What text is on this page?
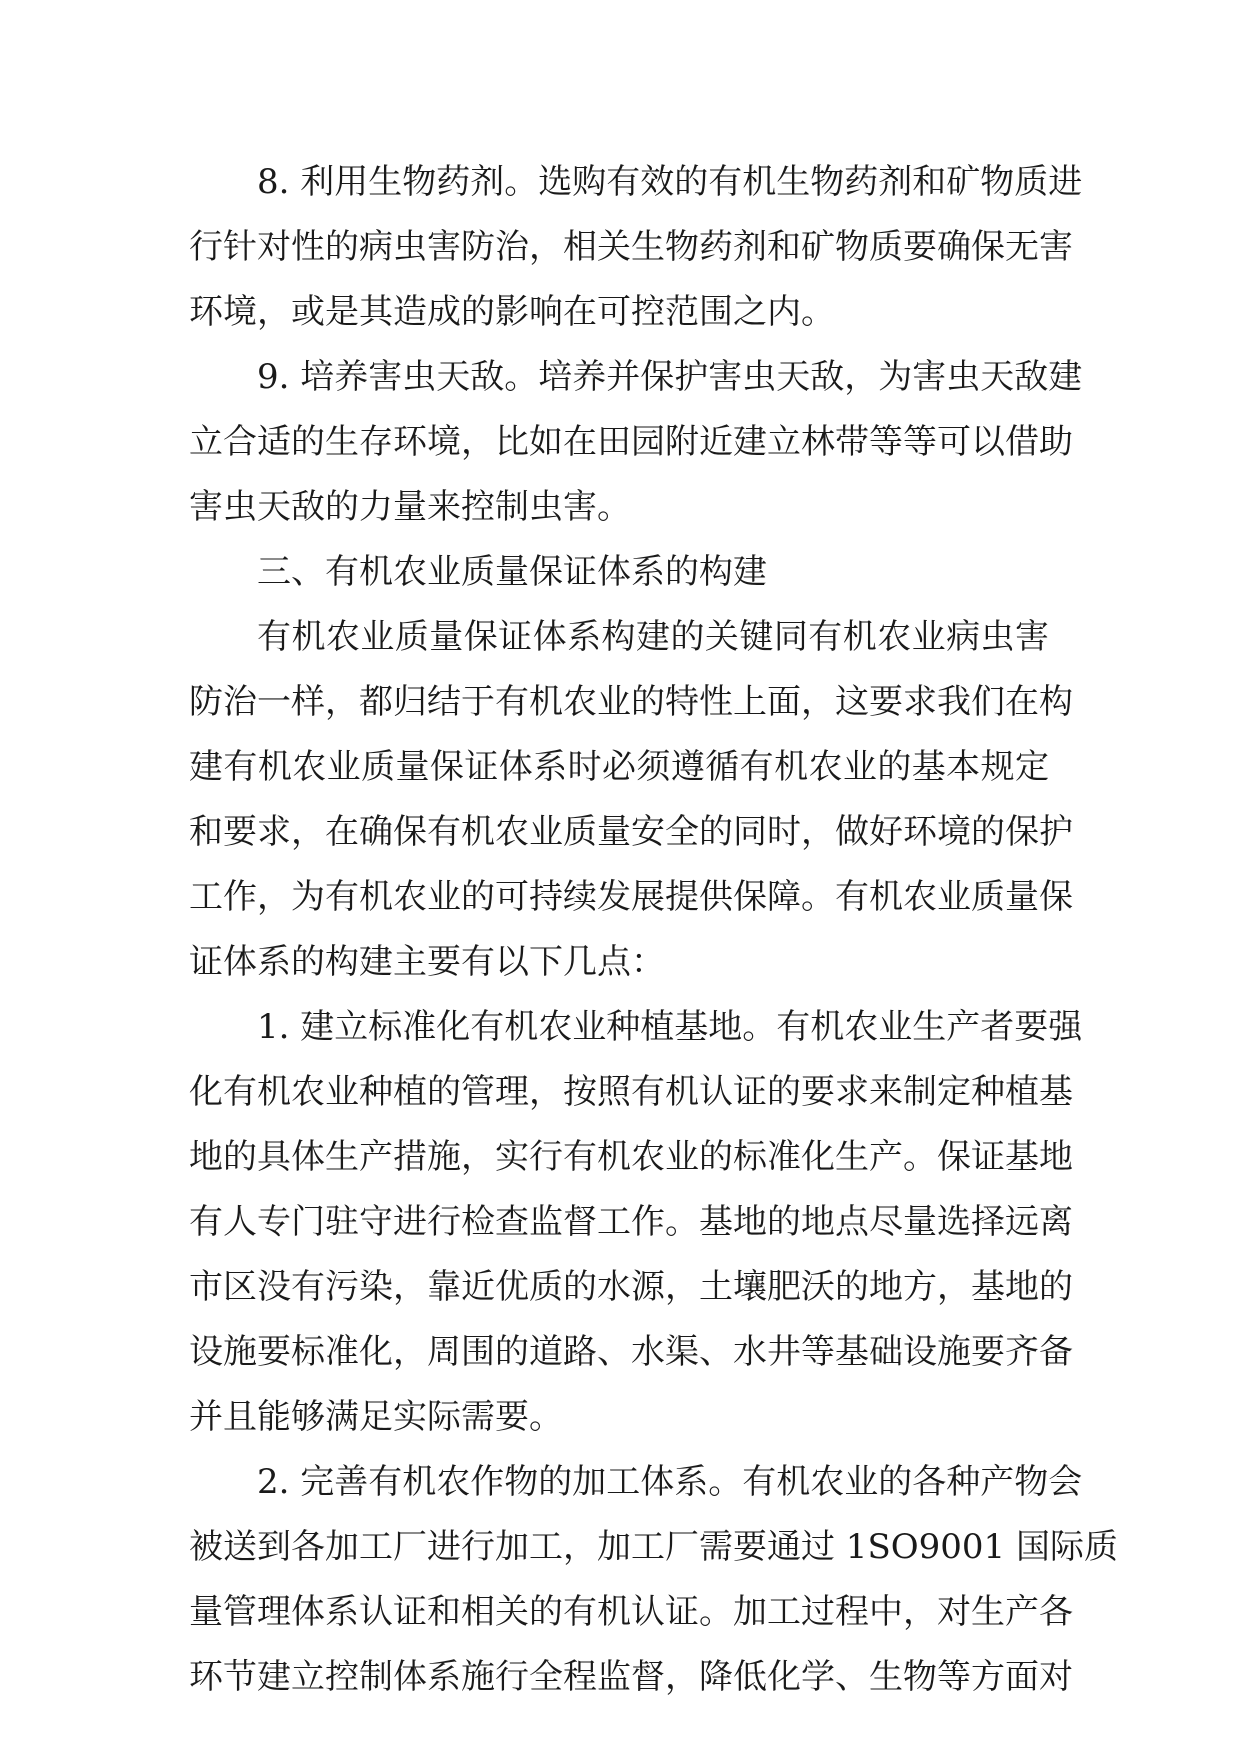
8. 利用生物药剂。选购有效的有机生物药剂和矿物质进
行针对性的病虫害防治，相关生物药剂和矿物质要确保无害
环境，或是其造成的影响在可控范围之内。
9. 培养害虫天敌。培养并保护害虫天敌，为害虫天敌建
立合适的生存环境，比如在田园附近建立林带等等可以借助
害虫天敌的力量来控制虫害。
三、有机农业质量保证体系的构建
有机农业质量保证体系构建的关键同有机农业病虫害
防治一样，都归结于有机农业的特性上面，这要求我们在构
建有机农业质量保证体系时必须遵循有机农业的基本规定
和要求，在确保有机农业质量安全的同时，做好环境的保护
工作，为有机农业的可持续发展提供保障。有机农业质量保
证体系的构建主要有以下几点：
1. 建立标准化有机农业种植基地。有机农业生产者要强
化有机农业种植的管理，按照有机认证的要求来制定种植基
地的具体生产措施，实行有机农业的标准化生产。保证基地
有人专门驻守进行检查监督工作。基地的地点尽量选择远离
市区没有污染，靠近优质的水源，土壤肥沃的地方，基地的
设施要标准化，周围的道路、水渠、水井等基础设施要齐备
并且能够满足实际需要。
2. 完善有机农作物的加工体系。有机农业的各种产物会
被送到各加工厂进行加工，加工厂需要通过 1SO9001 国际质
量管理体系认证和相关的有机认证。加工过程中，对生产各
环节建立控制体系施行全程监督，降低化学、生物等方面对
